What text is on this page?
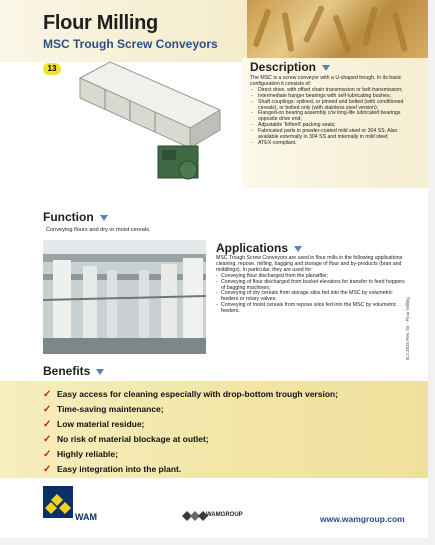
Flour Milling
MSC Trough Screw Conveyors
13	Description
The MSC is a screw conveyor with a U-shaped trough. In its basic configuration it consists of:
- Direct drive, with offset chain transmission or belt transmission;
- Intermediate hanger bearings with self-lubricating bushes;
- Shaft couplings: splined, or pinned and bolted (with conditioned cereals), or bolted only (with stainless steel version);
- Flanged-on bearing assembly c/w long-life lubricated bearings opposite drive end;
- Adjustable Teflon® packing seals;
- Fabricated parts in powder-coated mild steel or 304 SS; Also available externally in 304 SS and internally in mild steel;
- ATEX-compliant.
Function
Conveying flours and dry or moist cereals.
Applications
MSC Trough Screw Conveyors are used in flour mills in the following applications: cleaning, repose, milling, bagging and storage of flour and by-products (bran and middlings). In particular, they are used for:
- Conveying flour discharged from the plansifter;
- Conveying of flour discharged from bucket elevators for transfer to feed hoppers of bagging machines;
- Conveying of dry cereals from storage silos fed into the MSC by volumetric feeders or rotary valves;
- Conveying of moist cereals from repose silos fed into the MSC by volumetric feeders.	B.2.3825 Rev. 04 - Flour Milling
Benefits
✓ Easy access for cleaning especially with drop-bottom trough version;
✓ Time-saving maintenance;
✓ Low material residue;
✓ No risk of material blockage at outlet;
✓ Highly reliable;
✓ Easy integration into the plant.
WAM	WAMGROUP	www.wamgroup.com
